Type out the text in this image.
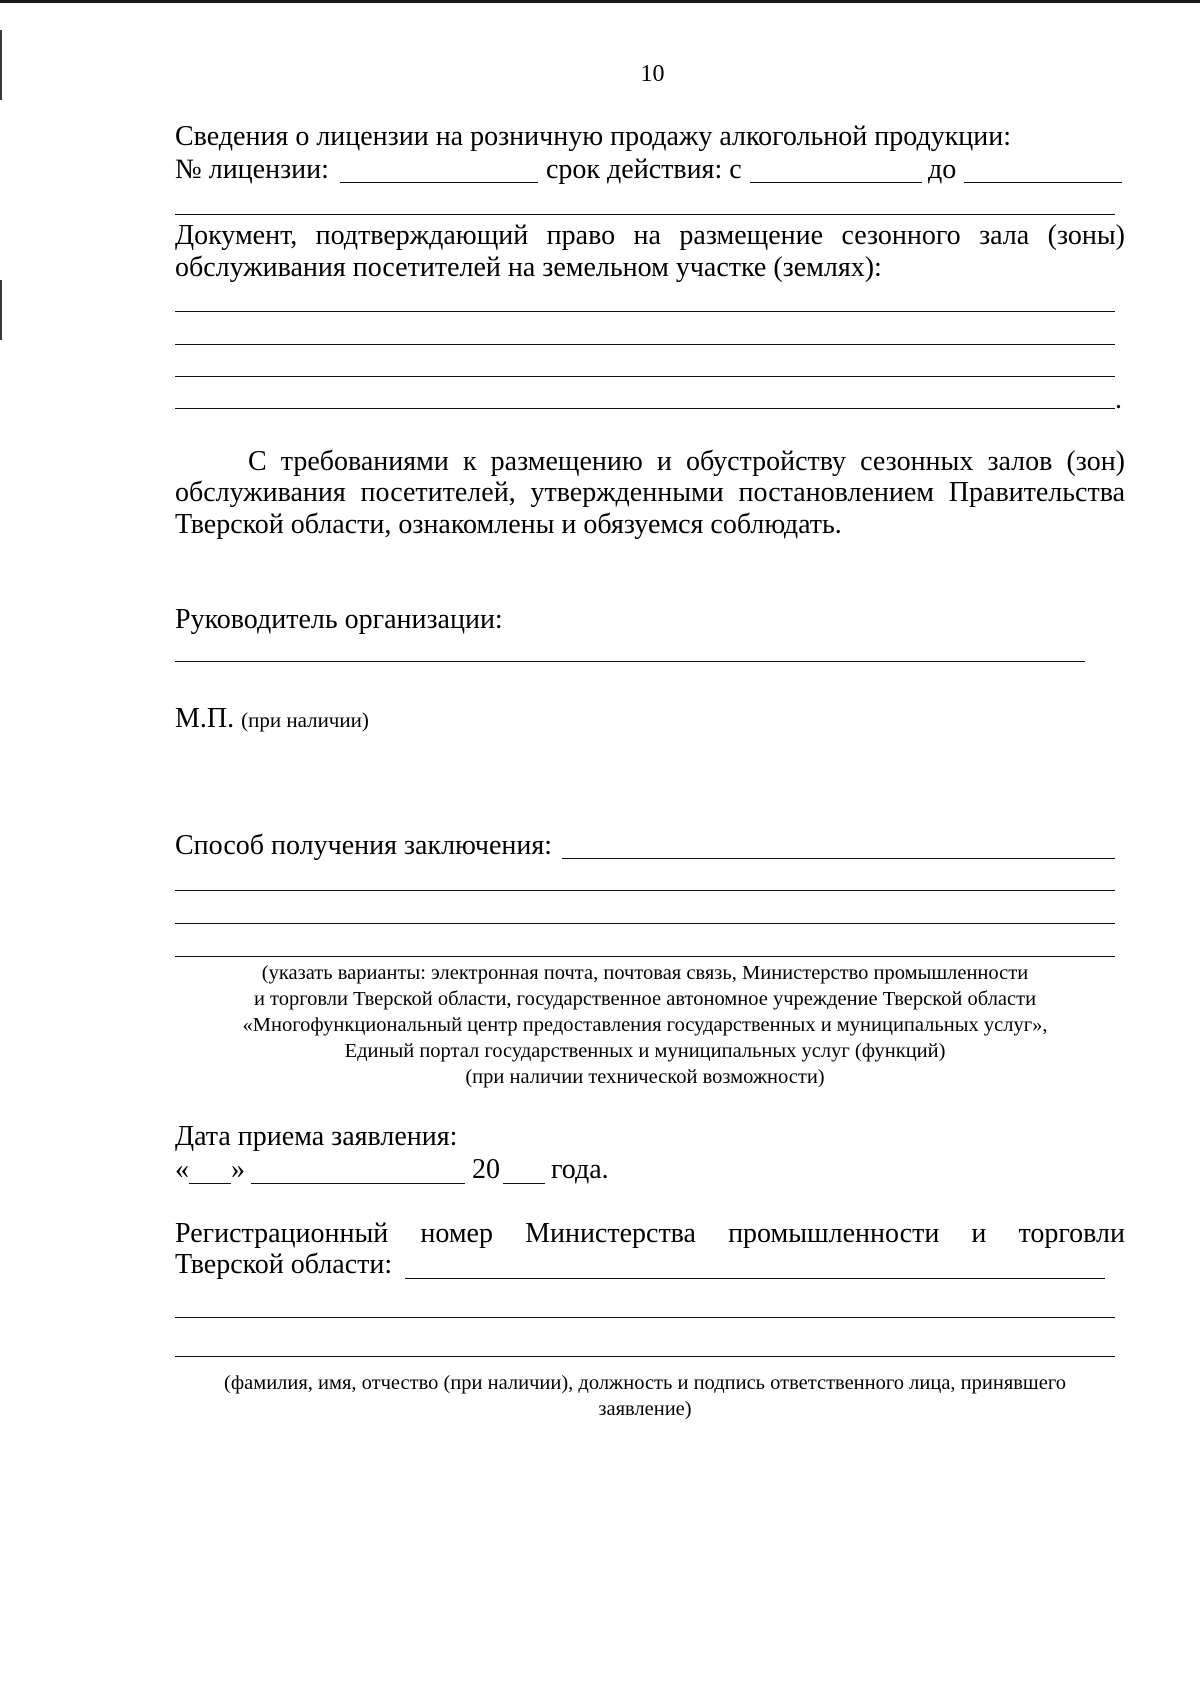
10
Сведения о лицензии на розничную продажу алкогольной продукции:
№ лицензии:	срок действия: с	до
Документ, подтверждающий право на размещение сезонного зала (зоны)
обслуживания посетителей на земельном участке (землях):
.
С требованиями к размещению и обустройству сезонных залов (зон)
обслуживания посетителей, утвержденными постановлением Правительства
Тверской области, ознакомлены и обязуемся соблюдать.
Руководитель организации:
М.П. (при наличии)
Способ получения заключения:
(указать варианты: электронная почта, почтовая связь, Министерство промышленности
и торговли Тверской области, государственное автономное учреждение Тверской области
«Многофункциональный центр предоставления государственных и муниципальных услуг»,
Единый портал государственных и муниципальных услуг (функций)
(при наличии технической возможности)
Дата приема заявления:
« »	20 года.
Регистрационный номер Министерства промышленности и торговли
Тверской области:
(фамилия, имя, отчество (при наличии), должность и подпись ответственного лица, принявшего
заявление)
